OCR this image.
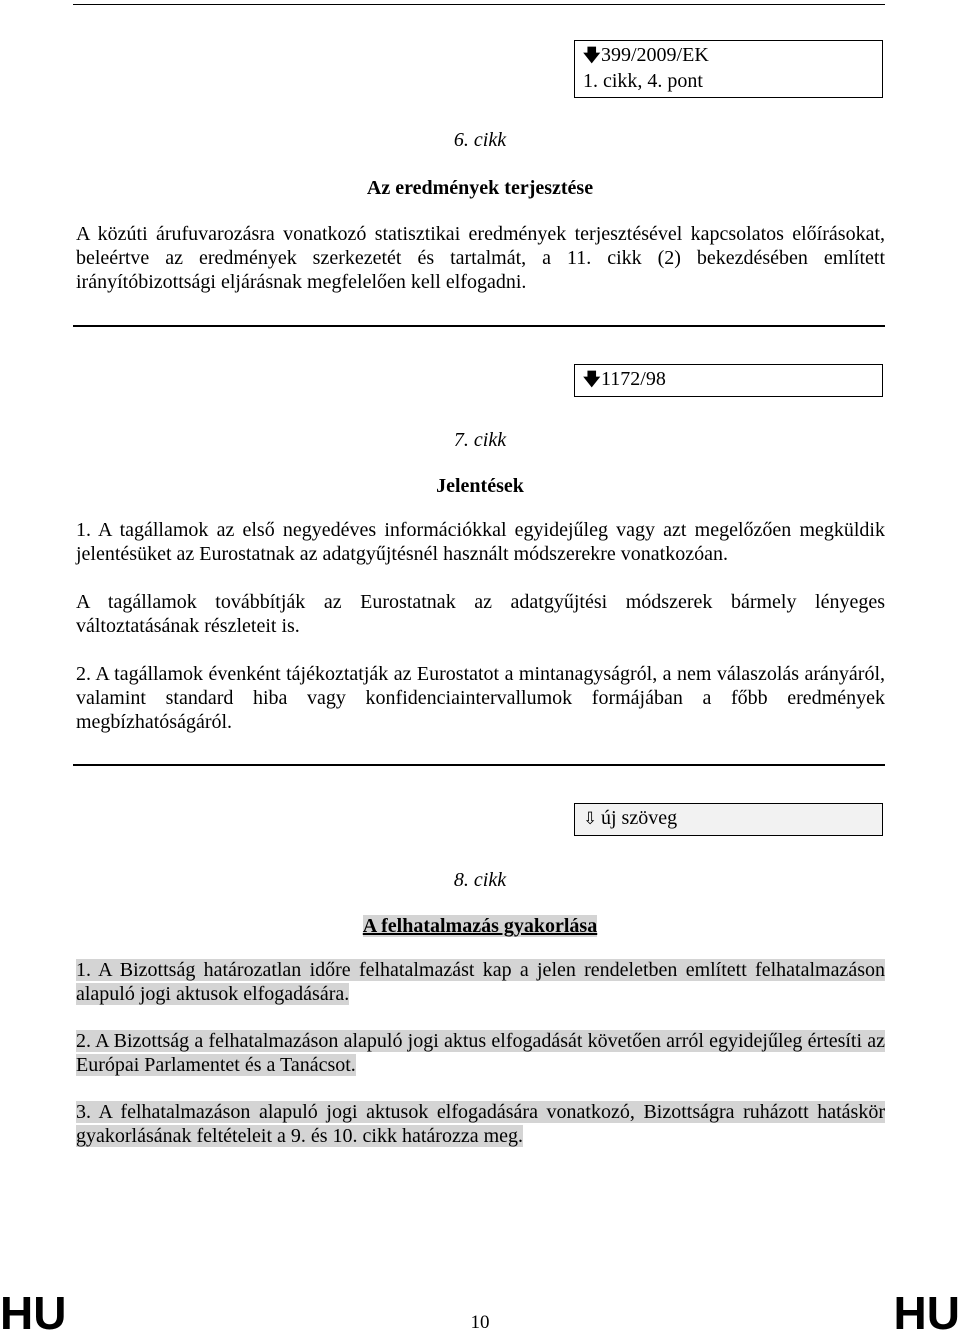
🡇399/2009/EK
1. cikk, 4. pont
6. cikk
Az eredmények terjesztése
A közúti árufuvarozásra vonatkozó statisztikai eredmények terjesztésével kapcsolatos előírásokat, beleértve az eredmények szerkezetét és tartalmát, a 11. cikk (2) bekezdésében említett irányítóbizottsági eljárásnak megfelelően kell elfogadni.
🡇1172/98
7. cikk
Jelentések
1. A tagállamok az első negyedéves információkkal egyidejűleg vagy azt megelőzően megküldik jelentésüket az Eurostatnak az adatgyűjtésnél használt módszerekre vonatkozóan.
A tagállamok továbbítják az Eurostatnak az adatgyűjtési módszerek bármely lényeges változtatásának részleteit is.
2. A tagállamok évenként tájékoztatják az Eurostatot a mintanagyságról, a nem válaszolás arányáról, valamint standard hiba vagy konfidenciaintervallumok formájában a főbb eredmények megbízhatóságáról.
⇩ új szöveg
8. cikk
A felhatalmazás gyakorlása
1. A Bizottság határozatlan időre felhatalmazást kap a jelen rendeletben említett felhatalmazáson alapuló jogi aktusok elfogadására.
2. A Bizottság a felhatalmazáson alapuló jogi aktus elfogadását követően arról egyidejűleg értesíti az Európai Parlamentet és a Tanácsot.
3. A felhatalmazáson alapuló jogi aktusok elfogadására vonatkozó, Bizottságra ruházott hatáskör gyakorlásának feltételeit a 9. és 10. cikk határozza meg.
HU	HU
10
